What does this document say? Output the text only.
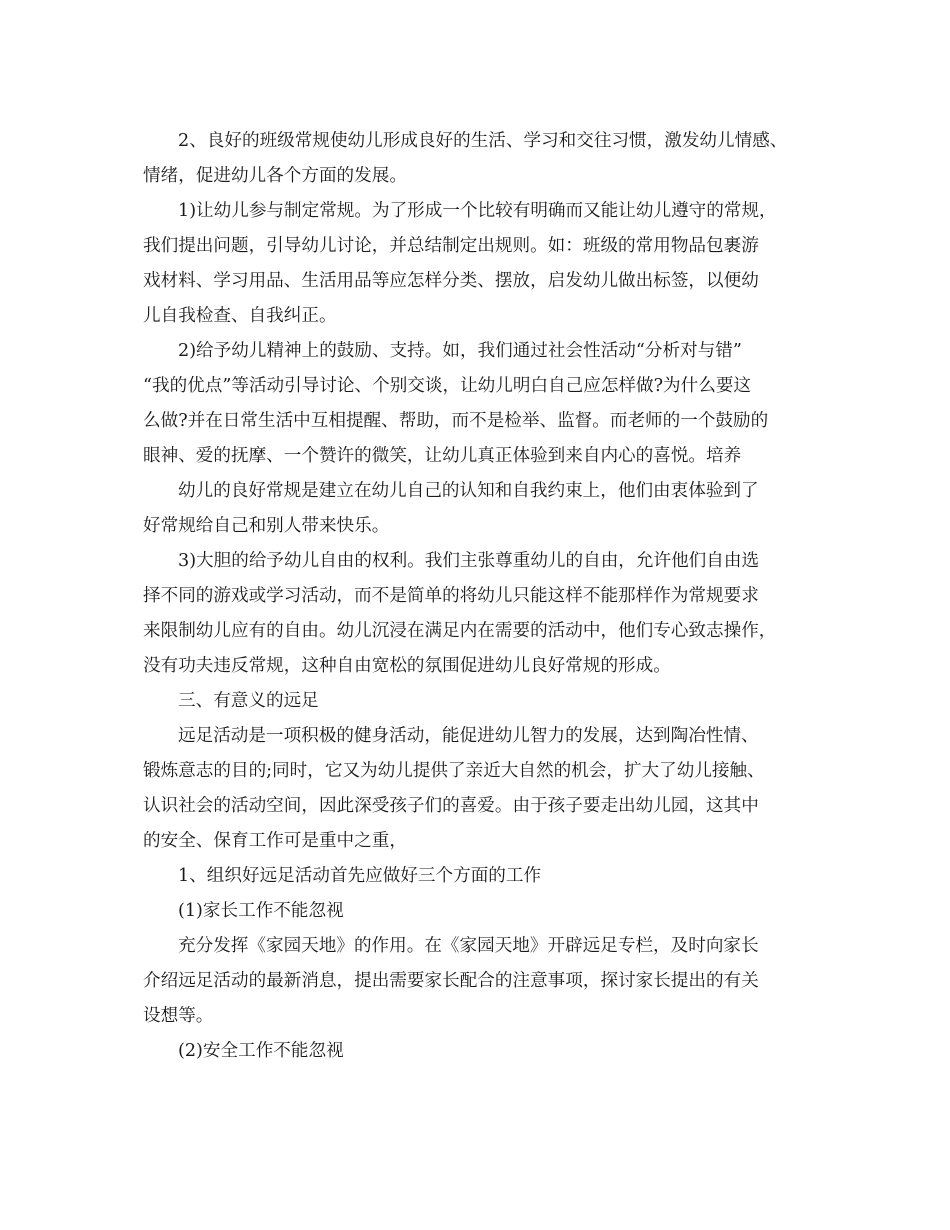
2、良好的班级常规使幼儿形成良好的生活、学习和交往习惯，激发幼儿情感、
情绪，促进幼儿各个方面的发展。
1)让幼儿参与制定常规。为了形成一个比较有明确而又能让幼儿遵守的常规，
我们提出问题，引导幼儿讨论，并总结制定出规则。如：班级的常用物品包裹游
戏材料、学习用品、生活用品等应怎样分类、摆放，启发幼儿做出标签，以便幼
儿自我检查、自我纠正。
2)给予幼儿精神上的鼓励、支持。如，我们通过社会性活动“分析对与错”
“我的优点”等活动引导讨论、个别交谈，让幼儿明白自己应怎样做?为什么要这
么做?并在日常生活中互相提醒、帮助，而不是检举、监督。而老师的一个鼓励的
眼神、爱的抚摩、一个赞许的微笑，让幼儿真正体验到来自内心的喜悦。培养
幼儿的良好常规是建立在幼儿自己的认知和自我约束上，他们由衷体验到了
好常规给自己和别人带来快乐。
3)大胆的给予幼儿自由的权利。我们主张尊重幼儿的自由，允许他们自由选
择不同的游戏或学习活动，而不是简单的将幼儿只能这样不能那样作为常规要求
来限制幼儿应有的自由。幼儿沉浸在满足内在需要的活动中，他们专心致志操作，
没有功夫违反常规，这种自由宽松的氛围促进幼儿良好常规的形成。
三、有意义的远足
远足活动是一项积极的健身活动，能促进幼儿智力的发展，达到陶冶性情、
锻炼意志的目的;同时，它又为幼儿提供了亲近大自然的机会，扩大了幼儿接触、
认识社会的活动空间，因此深受孩子们的喜爱。由于孩子要走出幼儿园，这其中
的安全、保育工作可是重中之重，
1、组织好远足活动首先应做好三个方面的工作
(1)家长工作不能忽视
充分发挥《家园天地》的作用。在《家园天地》开辟远足专栏，及时向家长
介绍远足活动的最新消息，提出需要家长配合的注意事项，探讨家长提出的有关
设想等。
(2)安全工作不能忽视
